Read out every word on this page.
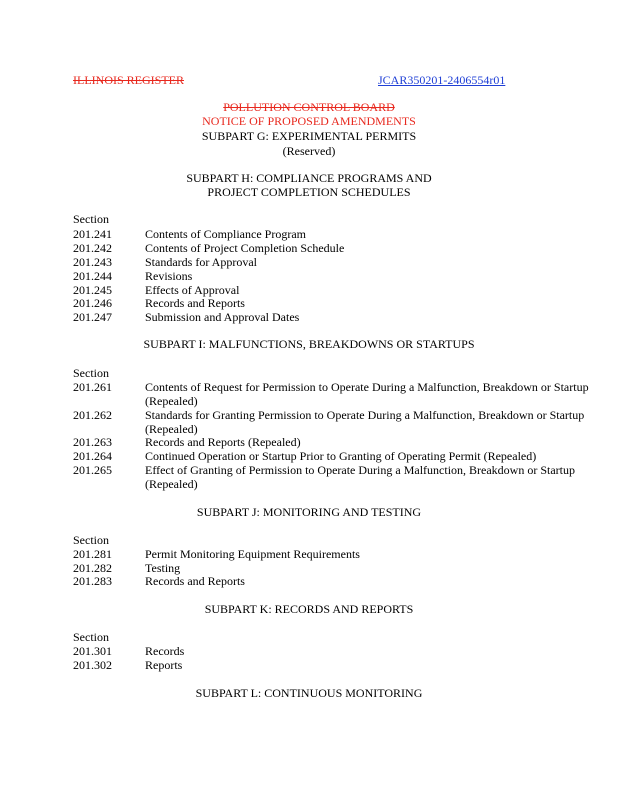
ILLINOIS REGISTER	JCAR350201-2406554r01
POLLUTION CONTROL BOARD
NOTICE OF PROPOSED AMENDMENTS
SUBPART G: EXPERIMENTAL PERMITS
(Reserved)
SUBPART H: COMPLIANCE PROGRAMS AND
PROJECT COMPLETION SCHEDULES
Section
201.241	Contents of Compliance Program
201.242	Contents of Project Completion Schedule
201.243	Standards for Approval
201.244	Revisions
201.245	Effects of Approval
201.246	Records and Reports
201.247	Submission and Approval Dates
SUBPART I: MALFUNCTIONS, BREAKDOWNS OR STARTUPS
Section
201.261	Contents of Request for Permission to Operate During a Malfunction, Breakdown or Startup (Repealed)
201.262	Standards for Granting Permission to Operate During a Malfunction, Breakdown or Startup (Repealed)
201.263	Records and Reports (Repealed)
201.264	Continued Operation or Startup Prior to Granting of Operating Permit (Repealed)
201.265	Effect of Granting of Permission to Operate During a Malfunction, Breakdown or Startup (Repealed)
SUBPART J: MONITORING AND TESTING
Section
201.281	Permit Monitoring Equipment Requirements
201.282	Testing
201.283	Records and Reports
SUBPART K: RECORDS AND REPORTS
Section
201.301	Records
201.302	Reports
SUBPART L: CONTINUOUS MONITORING
